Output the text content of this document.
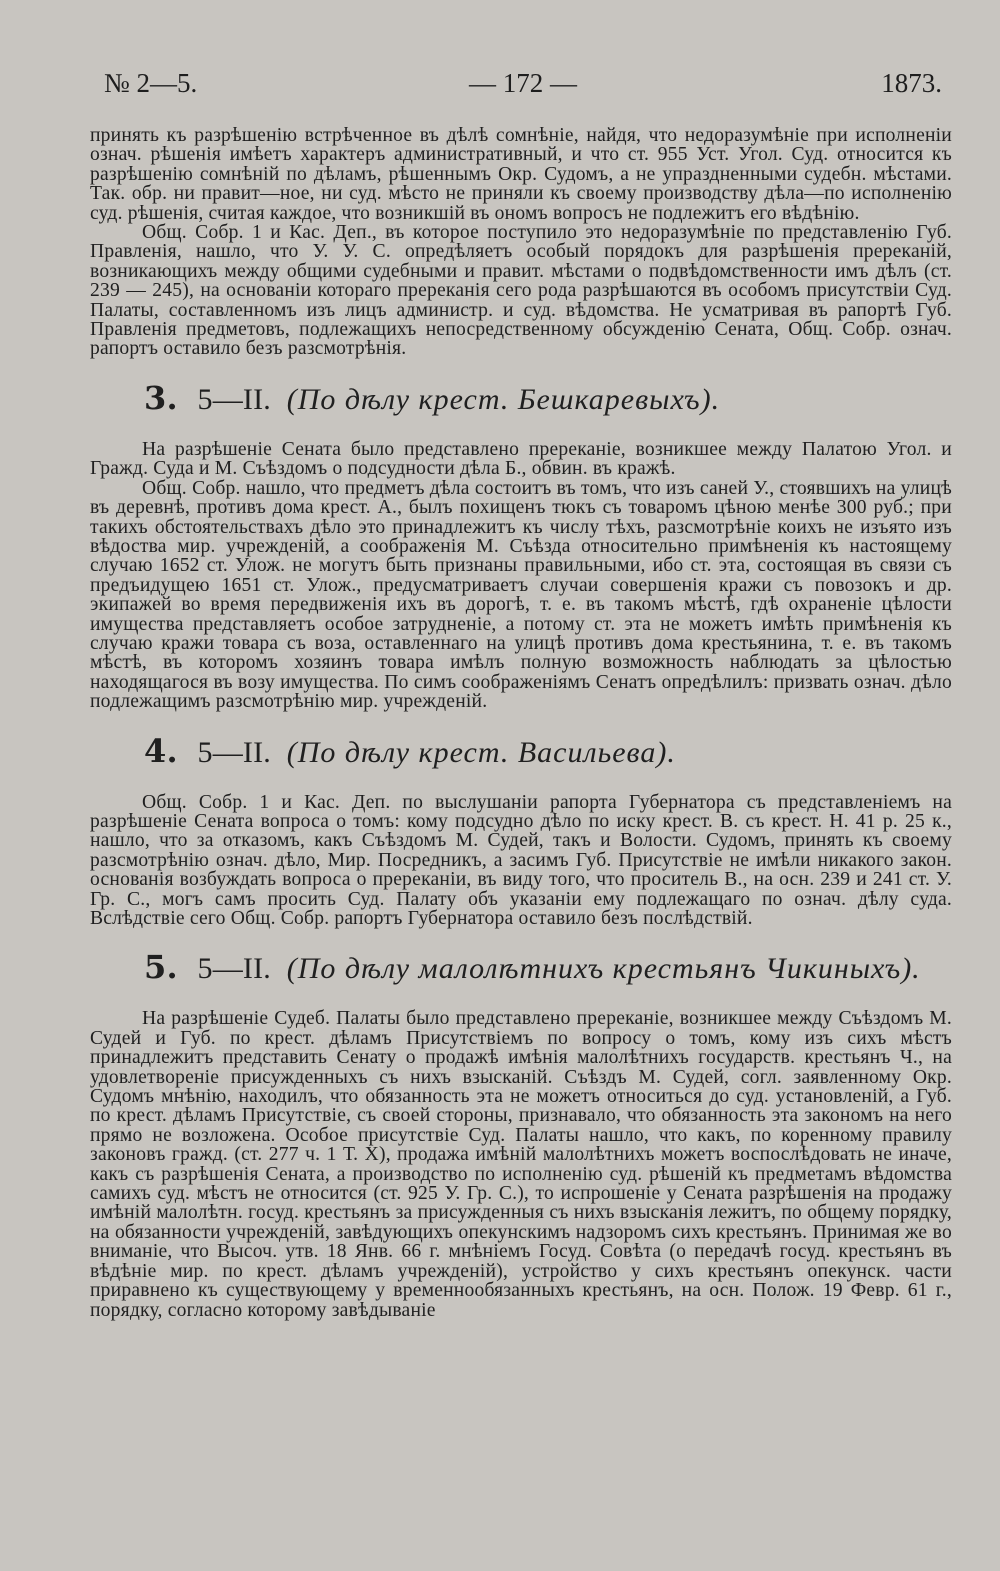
№ 2—5.	— 172 —	1873.

принять къ разрѣшенію встрѣченное въ дѣлѣ сомнѣніе, найдя, что недоразумѣніе при исполненіи означ. рѣшенія имѣетъ характеръ административный, и что ст. 955 Уст. Угол. Суд. относится къ разрѣшенію сомнѣній по дѣламъ, рѣшеннымъ Окр. Судомъ, а не упраздненными судебн. мѣстами. Так. обр. ни правит—ное, ни суд. мѣсто не приняли къ своему производству дѣла—по исполненію суд. рѣшенія, считая каждое, что возникшій въ ономъ вопросъ не подлежитъ его вѣдѣнію.

Общ. Собр. 1 и Кас. Деп., въ которое поступило это недоразумѣніе по представленію Губ. Правленія, нашло, что У. У. С. опредѣляетъ особый порядокъ для разрѣшенія пререканій, возникающихъ между общими судебными и правит. мѣстами о подвѣдомственности имъ дѣлъ (ст. 239 — 245), на основаніи котораго пререканія сего рода разрѣшаются въ особомъ присутствіи Суд. Палаты, составленномъ изъ лицъ администр. и суд. вѣдомства. Не усматривая въ рапортѣ Губ. Правленія предметовъ, подлежащихъ непосредственному обсужденію Сената, Общ. Собр. означ. рапортъ оставило безъ разсмотрѣнія.

3. 5—II. (По дѣлу крест. Бешкаревыхъ).

На разрѣшеніе Сената было представлено пререканіе, возникшее между Палатою Угол. и Гражд. Суда и М. Съѣздомъ о подсудности дѣла Б., обвин. въ кражѣ.

Общ. Собр. нашло, что предметъ дѣла состоитъ въ томъ, что изъ саней У., стоявшихъ на улицѣ въ деревнѣ, противъ дома крест. А., былъ похищенъ тюкъ съ товаромъ цѣною менѣе 300 руб.; при такихъ обстоятельствахъ дѣло это принадлежитъ къ числу тѣхъ, разсмотрѣніе коихъ не изъято изъ вѣдоства мир. учрежденій, а соображенія М. Съѣзда относительно примѣненія къ настоящему случаю 1652 ст. Улож. не могутъ быть признаны правильными, ибо ст. эта, состоящая въ связи съ предъидущею 1651 ст. Улож., предусматриваетъ случаи совершенія кражи съ повозокъ и др. экипажей во время передвиженія ихъ въ дорогѣ, т. е. въ такомъ мѣстѣ, гдѣ охраненіе цѣлости имущества представляетъ особое затрудненіе, а потому ст. эта не можетъ имѣть примѣненія къ случаю кражи товара съ воза, оставленнаго на улицѣ противъ дома крестьянина, т. е. въ такомъ мѣстѣ, въ которомъ хозяинъ товара имѣлъ полную возможность наблюдать за цѣлостью находящагося въ возу имущества. По симъ соображеніямъ Сенатъ опредѣлилъ: призвать означ. дѣло подлежащимъ разсмотрѣнію мир. учрежденій.

4. 5—II. (По дѣлу крест. Васильева).

Общ. Собр. 1 и Кас. Деп. по выслушаніи рапорта Губернатора съ представленіемъ на разрѣшеніе Сената вопроса о томъ: кому подсудно дѣло по иску крест. В. съ крест. Н. 41 р. 25 к., нашло, что за отказомъ, какъ Съѣздомъ М. Судей, такъ и Волости. Судомъ, принять къ своему разсмотрѣнію означ. дѣло, Мир. Посредникъ, а засимъ Губ. Присутствіе не имѣли никакого закон. основанія возбуждать вопроса о пререканіи, въ виду того, что проситель В., на осн. 239 и 241 ст. У. Гр. С., могъ самъ просить Суд. Палату объ указаніи ему подлежащаго по означ. дѣлу суда. Вслѣдствіе сего Общ. Собр. рапортъ Губернатора оставило безъ послѣдствій.

5. 5—II. (По дѣлу малолѣтнихъ крестьянъ Чикиныхъ).

На разрѣшеніе Судеб. Палаты было представлено пререканіе, возникшее между Съѣздомъ М. Судей и Губ. по крест. дѣламъ Присутствіемъ по вопросу о томъ, кому изъ сихъ мѣстъ принадлежитъ представить Сенату о продажѣ имѣнія малолѣтнихъ государств. крестьянъ Ч., на удовлетвореніе присужденныхъ съ нихъ взысканій. Съѣздъ М. Судей, согл. заявленному Окр. Судомъ мнѣнію, находилъ, что обязанность эта не можетъ относиться до суд. установленій, а Губ. по крест. дѣламъ Присутствіе, съ своей стороны, признавало, что обязанность эта закономъ на него прямо не возложена. Особое присутствіе Суд. Палаты нашло, что какъ, по коренному правилу законовъ гражд. (ст. 277 ч. 1 Т. X), продажа имѣній малолѣтнихъ можетъ воспослѣдовать не иначе, какъ съ разрѣшенія Сената, а производство по исполненію суд. рѣшеній къ предметамъ вѣдомства самихъ суд. мѣстъ не относится (ст. 925 У. Гр. С.), то испрошеніе у Сената разрѣшенія на продажу имѣній малолѣтн. госуд. крестьянъ за присужденныя съ нихъ взысканія лежитъ, по общему порядку, на обязанности учрежденій, завѣдующихъ опекунскимъ надзоромъ сихъ крестьянъ. Принимая же во вниманіе, что Высоч. утв. 18 Янв. 66 г. мнѣніемъ Госуд. Совѣта (о передачѣ госуд. крестьянъ въ вѣдѣніе мир. по крест. дѣламъ учрежденій), устройство у сихъ крестьянъ опекунск. части приравнено къ существующему у временнообязанныхъ крестьянъ, на осн. Полож. 19 Февр. 61 г., порядку, согласно которому завѣдываніе
